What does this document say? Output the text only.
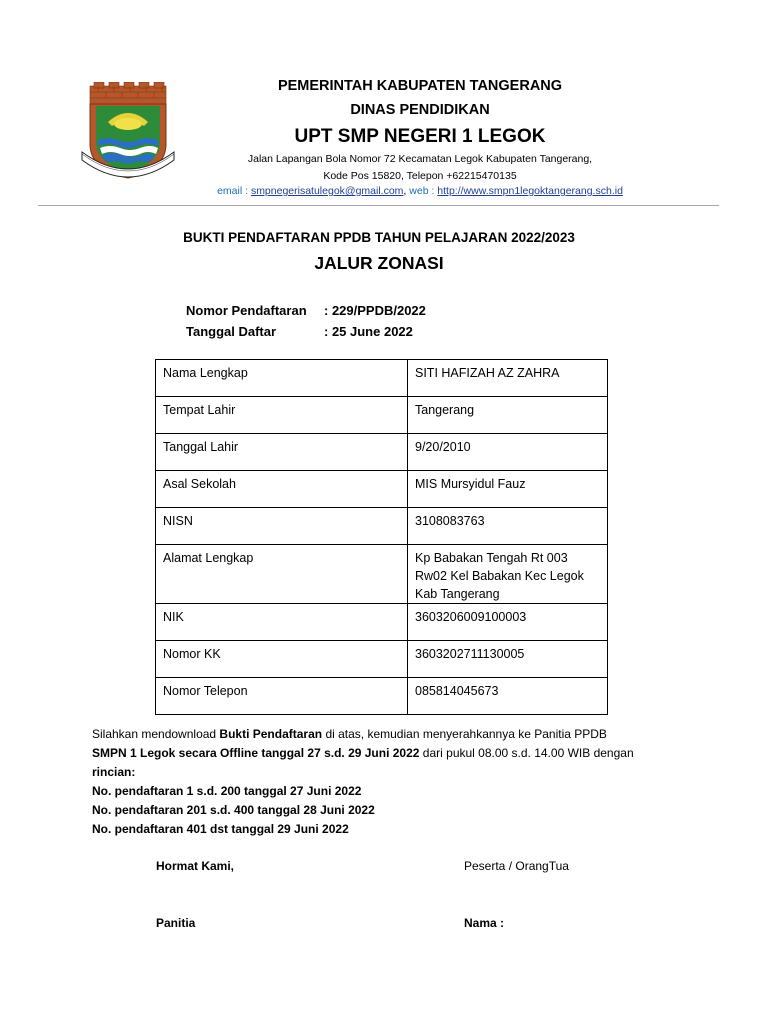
PEMERINTAH KABUPATEN TANGERANG
DINAS PENDIDIKAN
UPT SMP NEGERI 1 LEGOK
Jalan Lapangan Bola Nomor 72 Kecamatan Legok Kabupaten Tangerang,
Kode Pos 15820, Telepon +62215470135
email : smpnegerisatulegok@gmail.com, web : http://www.smpn1legoktangerang.sch.id
BUKTI PENDAFTARAN PPDB TAHUN PELAJARAN 2022/2023
JALUR ZONASI
Nomor Pendaftaran	: 229/PPDB/2022
Tanggal Daftar	: 25 June 2022
Nama Lengkap	SITI HAFIZAH AZ ZAHRA
Tempat Lahir	Tangerang
Tanggal Lahir	9/20/2010
Asal Sekolah	MIS Mursyidul Fauz
NISN	3108083763
Alamat Lengkap	Kp Babakan Tengah Rt 003 Rw02 Kel Babakan Kec Legok Kab Tangerang
NIK	3603206009100003
Nomor KK	3603202711130005
Nomor Telepon	085814045673
Silahkan mendownload Bukti Pendaftaran di atas, kemudian menyerahkannya ke Panitia PPDB
SMPN 1 Legok secara Offline tanggal 27 s.d. 29 Juni 2022 dari pukul 08.00 s.d. 14.00 WIB dengan
rincian:
No. pendaftaran 1 s.d. 200 tanggal 27 Juni 2022
No. pendaftaran 201 s.d. 400 tanggal 28 Juni 2022
No. pendaftaran 401 dst tanggal 29 Juni 2022
Hormat Kami,	Peserta / OrangTua
Panitia	Nama :
